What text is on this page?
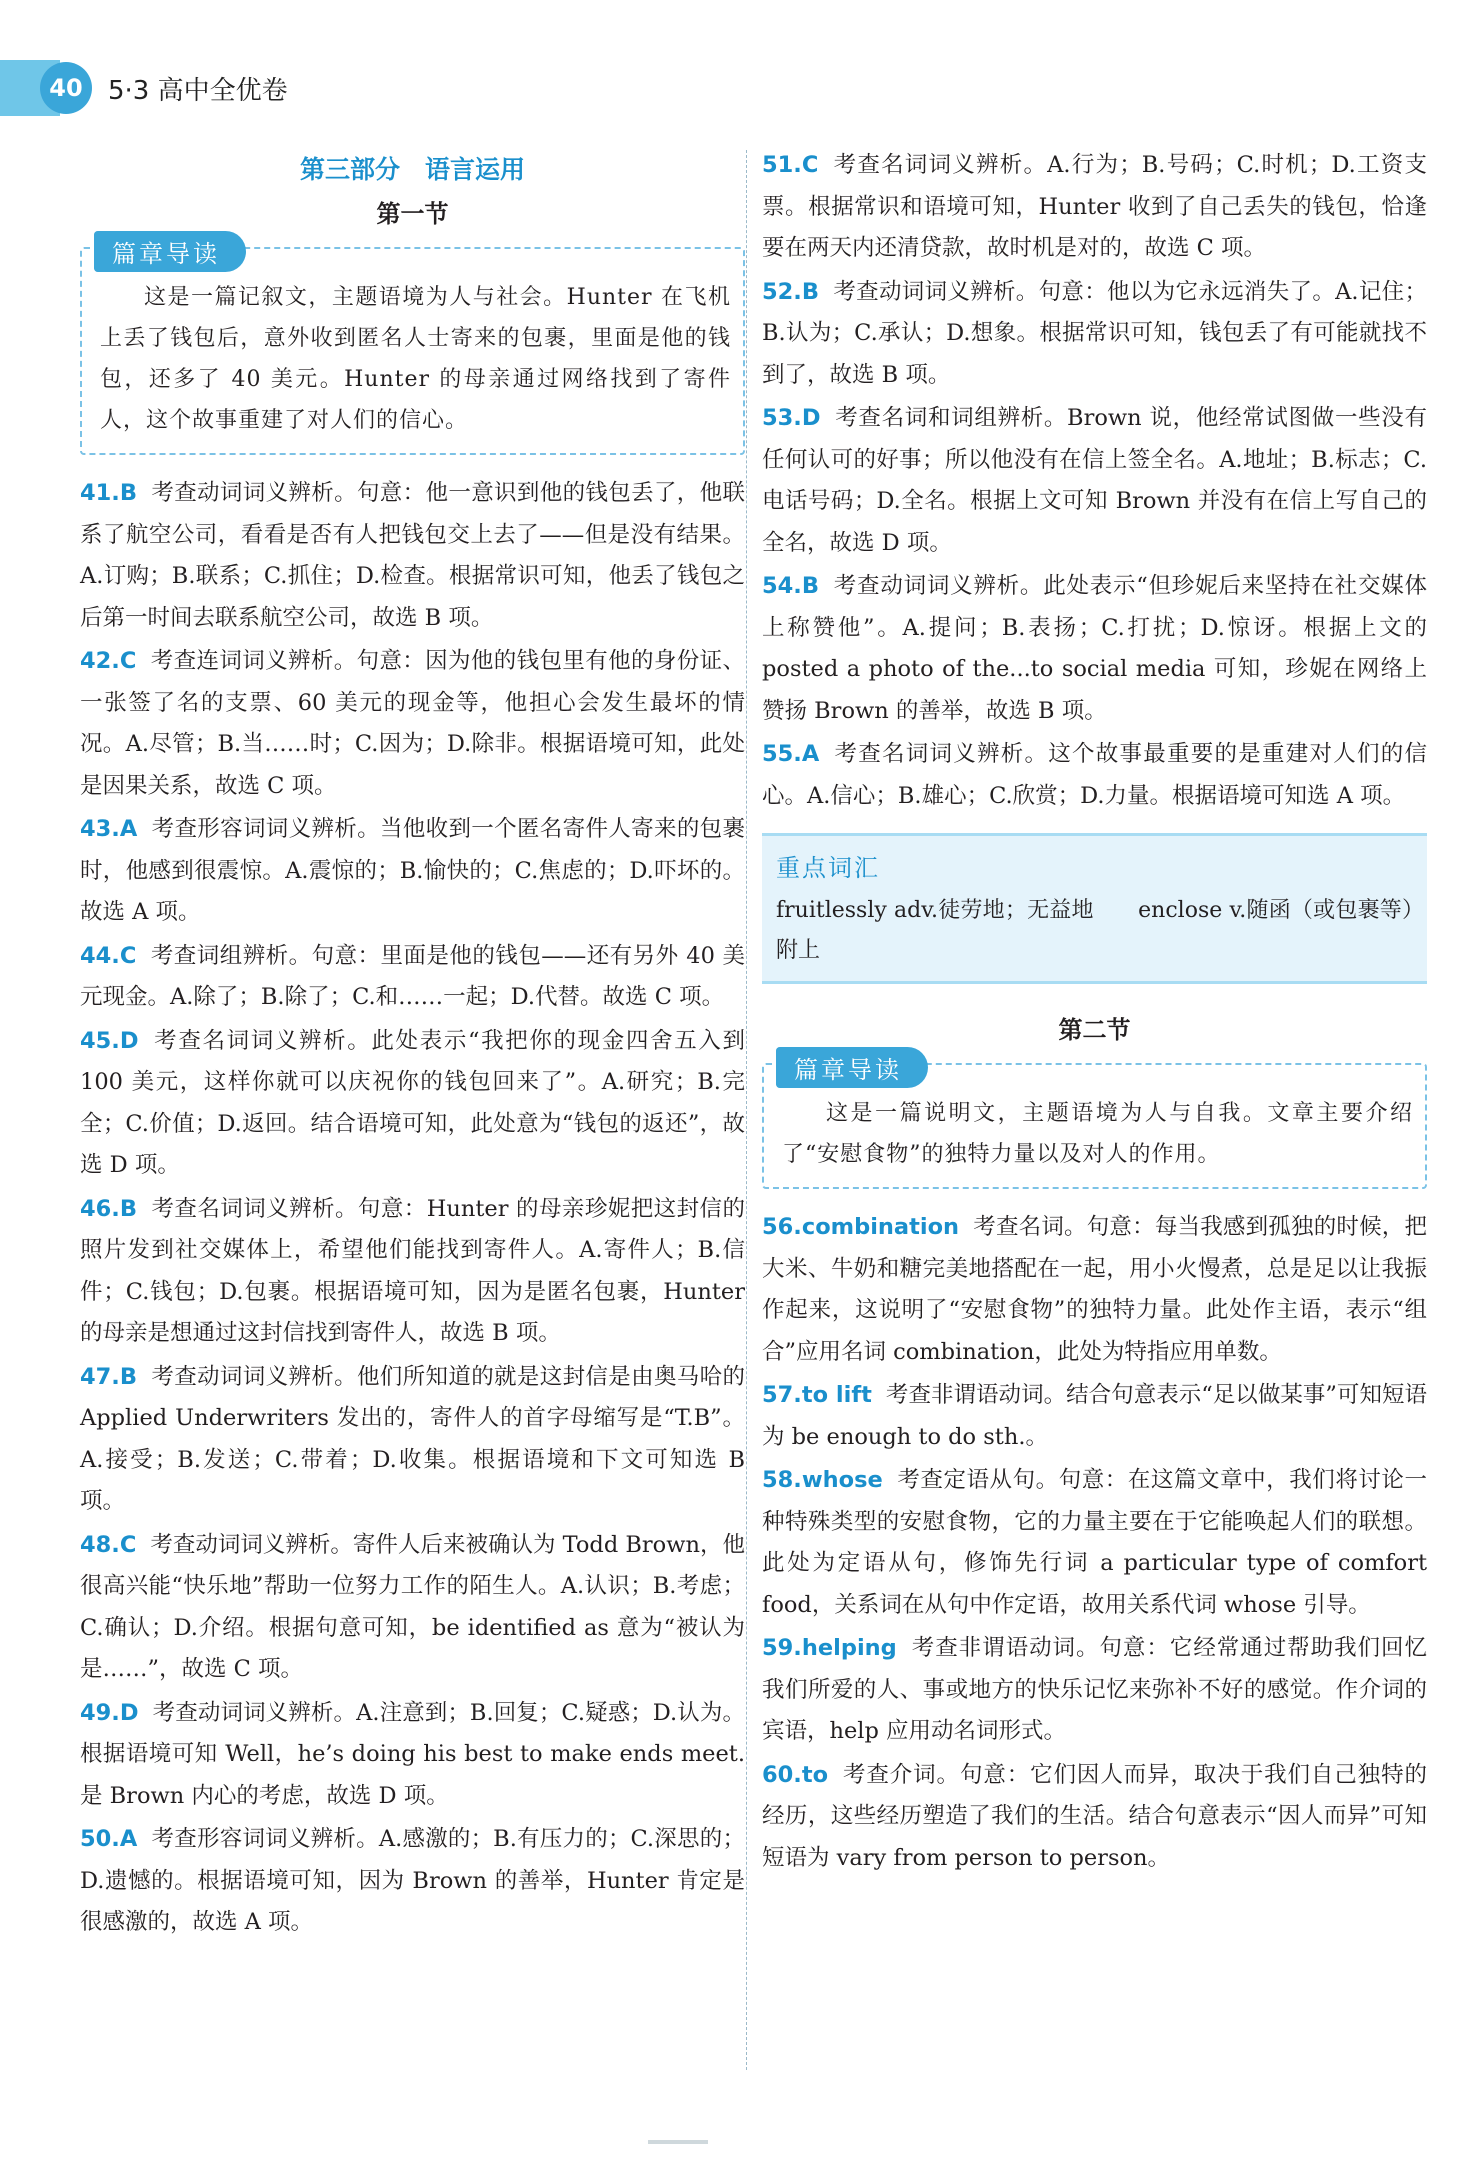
40 5·3 高中全优卷
第三部分　语言运用
第一节
篇章导读
这是一篇记叙文，主题语境为人与社会。Hunter 在飞机上丢了钱包后，意外收到匿名人士寄来的包裹，里面是他的钱包，还多了 40 美元。Hunter 的母亲通过网络找到了寄件人，这个故事重建了对人们的信心。
41.B 考查动词词义辨析。句意：他一意识到他的钱包丢了，他联系了航空公司，看看是否有人把钱包交上去了——但是没有结果。A.订购；B.联系；C.抓住；D.检查。根据常识可知，他丢了钱包之后第一时间去联系航空公司，故选 B 项。
42.C 考查连词词义辨析。句意：因为他的钱包里有他的身份证、一张签了名的支票、60 美元的现金等，他担心会发生最坏的情况。A.尽管；B.当……时；C.因为；D.除非。根据语境可知，此处是因果关系，故选 C 项。
43.A 考查形容词词义辨析。当他收到一个匿名寄件人寄来的包裹时，他感到很震惊。A.震惊的；B.愉快的；C.焦虑的；D.吓坏的。故选 A 项。
44.C 考查词组辨析。句意：里面是他的钱包——还有另外 40 美元现金。A.除了；B.除了；C.和……一起；D.代替。故选 C 项。
45.D 考查名词词义辨析。此处表示“我把你的现金四舍五入到 100 美元，这样你就可以庆祝你的钱包回来了”。A.研究；B.完全；C.价值；D.返回。结合语境可知，此处意为“钱包的返还”，故选 D 项。
46.B 考查名词词义辨析。句意：Hunter 的母亲珍妮把这封信的照片发到社交媒体上，希望他们能找到寄件人。A.寄件人；B.信件；C.钱包；D.包裹。根据语境可知，因为是匿名包裹，Hunter 的母亲是想通过这封信找到寄件人，故选 B 项。
47.B 考查动词词义辨析。他们所知道的就是这封信是由奥马哈的 Applied Underwriters 发出的，寄件人的首字母缩写是“T.B”。A.接受；B.发送；C.带着；D.收集。根据语境和下文可知选 B 项。
48.C 考查动词词义辨析。寄件人后来被确认为 Todd Brown，他很高兴能“快乐地”帮助一位努力工作的陌生人。A.认识；B.考虑；C.确认；D.介绍。根据句意可知，be identified as 意为“被认为是……”，故选 C 项。
49.D 考查动词词义辨析。A.注意到；B.回复；C.疑惑；D.认为。根据语境可知 Well，he’s doing his best to make ends meet.是 Brown 内心的考虑，故选 D 项。
50.A 考查形容词词义辨析。A.感激的；B.有压力的；C.深思的；D.遗憾的。根据语境可知，因为 Brown 的善举，Hunter 肯定是很感激的，故选 A 项。
51.C 考查名词词义辨析。A.行为；B.号码；C.时机；D.工资支票。根据常识和语境可知，Hunter 收到了自己丢失的钱包，恰逢要在两天内还清贷款，故时机是对的，故选 C 项。
52.B 考查动词词义辨析。句意：他以为它永远消失了。A.记住；B.认为；C.承认；D.想象。根据常识可知，钱包丢了有可能就找不到了，故选 B 项。
53.D 考查名词和词组辨析。Brown 说，他经常试图做一些没有任何认可的好事；所以他没有在信上签全名。A.地址；B.标志；C.电话号码；D.全名。根据上文可知 Brown 并没有在信上写自己的全名，故选 D 项。
54.B 考查动词词义辨析。此处表示“但珍妮后来坚持在社交媒体上称赞他”。A.提问；B.表扬；C.打扰；D.惊讶。根据上文的 posted a photo of the...to social media 可知，珍妮在网络上赞扬 Brown 的善举，故选 B 项。
55.A 考查名词词义辨析。这个故事最重要的是重建对人们的信心。A.信心；B.雄心；C.欣赏；D.力量。根据语境可知选 A 项。
重点词汇
fruitlessly adv.徒劳地；无益地　　enclose v.随函（或包裹等）附上
第二节
篇章导读
这是一篇说明文，主题语境为人与自我。文章主要介绍了“安慰食物”的独特力量以及对人的作用。
56.combination 考查名词。句意：每当我感到孤独的时候，把大米、牛奶和糖完美地搭配在一起，用小火慢煮，总是足以让我振作起来，这说明了“安慰食物”的独特力量。此处作主语，表示“组合”应用名词 combination，此处为特指应用单数。
57.to lift 考查非谓语动词。结合句意表示“足以做某事”可知短语为 be enough to do sth.。
58.whose 考查定语从句。句意：在这篇文章中，我们将讨论一种特殊类型的安慰食物，它的力量主要在于它能唤起人们的联想。此处为定语从句，修饰先行词 a particular type of comfort food，关系词在从句中作定语，故用关系代词 whose 引导。
59.helping 考查非谓语动词。句意：它经常通过帮助我们回忆我们所爱的人、事或地方的快乐记忆来弥补不好的感觉。作介词的宾语，help 应用动名词形式。
60.to 考查介词。句意：它们因人而异，取决于我们自己独特的经历，这些经历塑造了我们的生活。结合句意表示“因人而异”可知短语为 vary from person to person。
